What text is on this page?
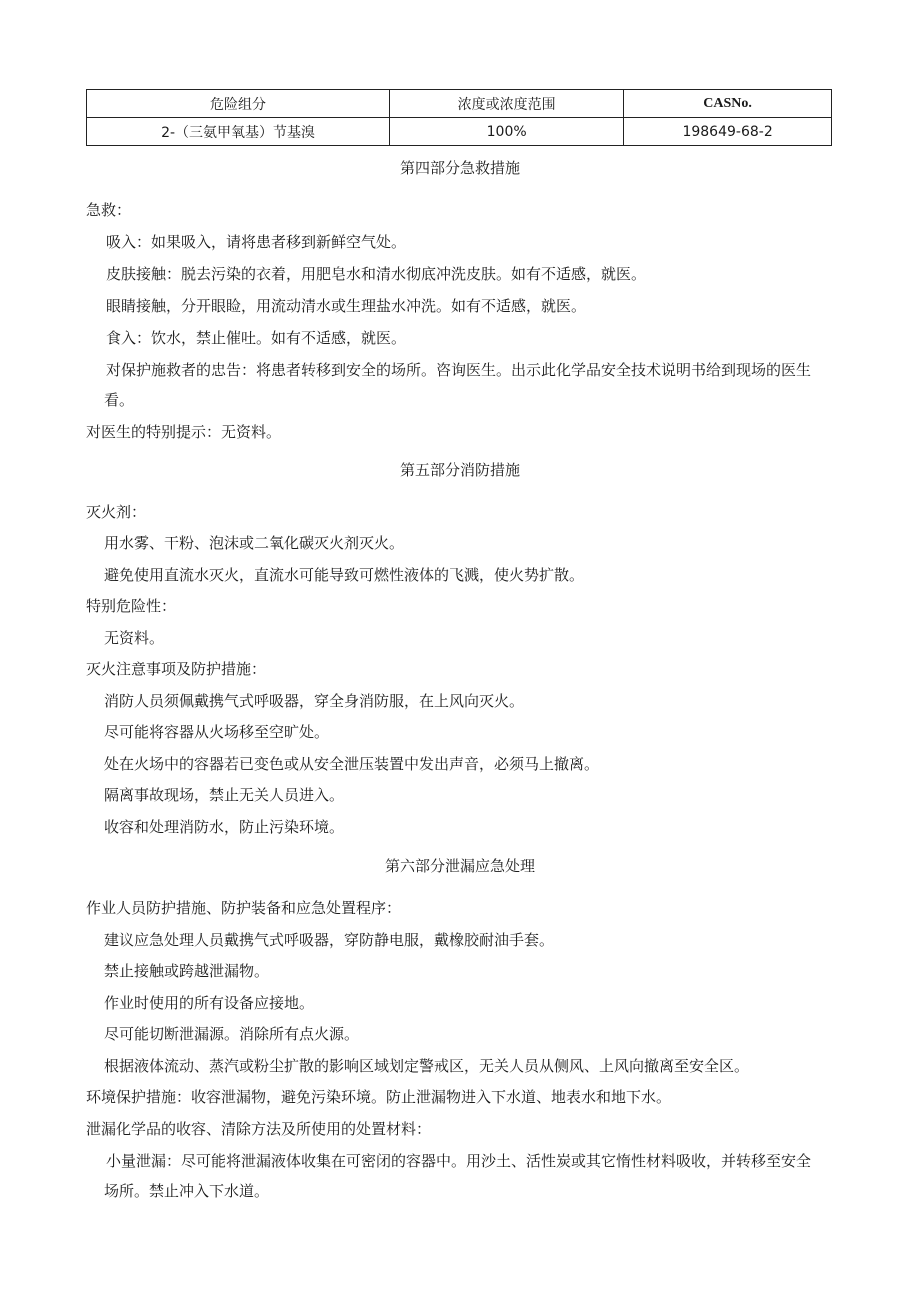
危险组分	浓度或浓度范围	CASNo.
2-（三氨甲氧基）节基溴	100%	198649-68-2
第四部分急救措施
急救：
吸入：如果吸入，请将患者移到新鲜空气处。
皮肤接触：脱去污染的衣着，用肥皂水和清水彻底冲洗皮肤。如有不适感，就医。
眼睛接触，分开眼睑，用流动清水或生理盐水冲洗。如有不适感，就医。
食入：饮水，禁止催吐。如有不适感，就医。
对保护施救者的忠告：将患者转移到安全的场所。咨询医生。出示此化学品安全技术说明书给到现场的医生
看。
对医生的特别提示：无资料。
第五部分消防措施
灭火剂：
用水雾、干粉、泡沫或二氧化碳灭火剂灭火。
避免使用直流水灭火，直流水可能导致可燃性液体的飞溅，使火势扩散。
特别危险性：
无资料。
灭火注意事项及防护措施：
消防人员须佩戴携气式呼吸器，穿全身消防服，在上风向灭火。
尽可能将容器从火场移至空旷处。
处在火场中的容器若已变色或从安全泄压装置中发出声音，必须马上撤离。
隔离事故现场，禁止无关人员进入。
收容和处理消防水，防止污染环境。
第六部分泄漏应急处理
作业人员防护措施、防护装备和应急处置程序：
建议应急处理人员戴携气式呼吸器，穿防静电服，戴橡胶耐油手套。
禁止接触或跨越泄漏物。
作业时使用的所有设备应接地。
尽可能切断泄漏源。消除所有点火源。
根据液体流动、蒸汽或粉尘扩散的影响区域划定警戒区，无关人员从侧风、上风向撤离至安全区。
环境保护措施：收容泄漏物，避免污染环境。防止泄漏物进入下水道、地表水和地下水。
泄漏化学品的收容、清除方法及所使用的处置材料：
小量泄漏：尽可能将泄漏液体收集在可密闭的容器中。用沙土、活性炭或其它惰性材料吸收，并转移至安全
场所。禁止冲入下水道。
